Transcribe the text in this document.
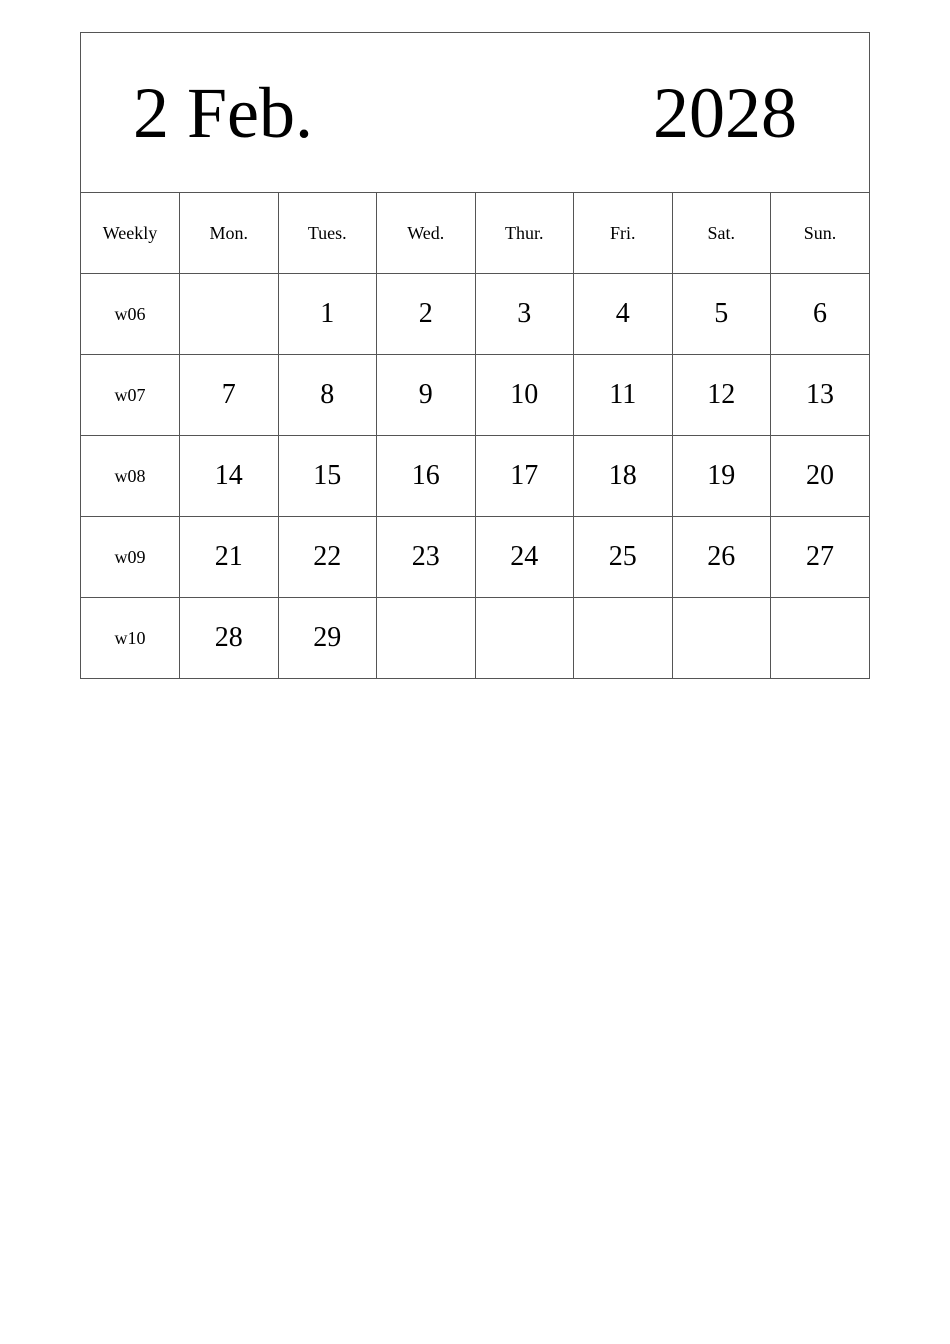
2 Feb.	2028
Weekly	Mon.	Tues.	Wed.	Thur.	Fri.	Sat.	Sun.
w06		1	2	3	4	5	6
w07	7	8	9	10	11	12	13
w08	14	15	16	17	18	19	20
w09	21	22	23	24	25	26	27
w10	28	29					
